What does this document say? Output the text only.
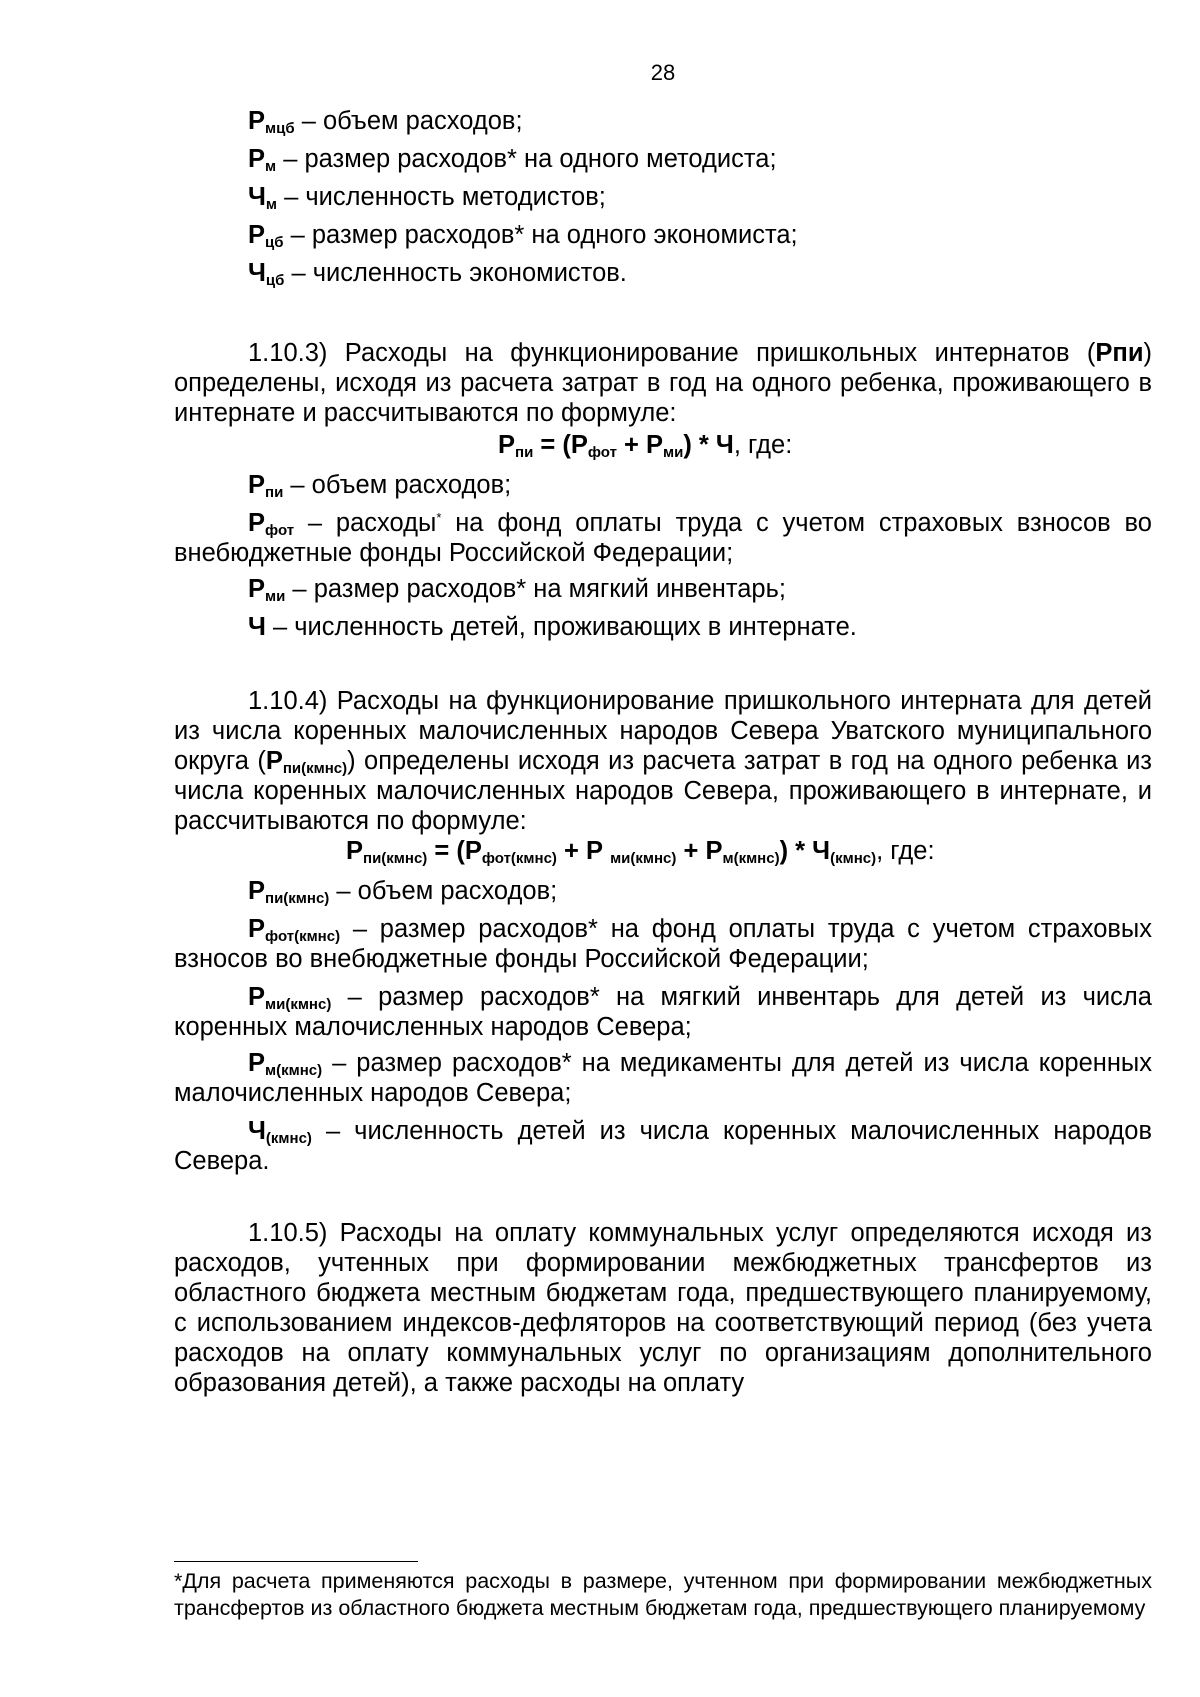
28
$Р_{мцб}$ – объем расходов;
$Р_м$ – размер расходов* на одного методиста;
$Ч_м$ – численность методистов;
$Р_{цб}$ – размер расходов* на одного экономиста;
$Ч_{цб}$ – численность экономистов.
1.10.3) Расходы на функционирование пришкольных интернатов (Рпи) определены, исходя из расчета затрат в год на одного ребенка, проживающего в интернате и рассчитываются по формуле:
$Р_{пи} = (Р_{фот} + Р_{ми}) * Ч$, где:
$Р_{пи}$ – объем расходов;
$Р_{фот}$ – расходы* на фонд оплаты труда с учетом страховых взносов во внебюджетные фонды Российской Федерации;
$Р_{ми}$ – размер расходов* на мягкий инвентарь;
Ч – численность детей, проживающих в интернате.
1.10.4) Расходы на функционирование пришкольного интерната для детей из числа коренных малочисленных народов Севера Уватского муниципального округа $(Р_{пи(кмнс)})$ определены исходя из расчета затрат в год на одного ребенка из числа коренных малочисленных народов Севера, проживающего в интернате, и рассчитываются по формуле:
$Р_{пи(кмнс)} = (Р_{фот(кмнс)} + Р$ $_{ми(кмнс)} + Р_{м(кмнс)}) * Ч_{(кмнс)}$, где:
$Р_{пи(кмнс)}$ – объем расходов;
$Р_{фот(кмнс)}$ – размер расходов* на фонд оплаты труда с учетом страховых взносов во внебюджетные фонды Российской Федерации;
$Р_{ми(кмнс)}$ – размер расходов* на мягкий инвентарь для детей из числа коренных малочисленных народов Севера;
$Р_{м(кмнс)}$ – размер расходов* на медикаменты для детей из числа коренных малочисленных народов Севера;
$Ч_{(кмнс)}$ – численность детей из числа коренных малочисленных народов Севера.
1.10.5) Расходы на оплату коммунальных услуг определяются исходя из расходов, учтенных при формировании межбюджетных трансфертов из областного бюджета местным бюджетам года, предшествующего планируемому, с использованием индексов-дефляторов на соответствующий период (без учета расходов на оплату коммунальных услуг по организациям дополнительного образования детей), а также расходы на оплату
*Для расчета применяются расходы в размере, учтенном при формировании межбюджетных трансфертов из областного бюджета местным бюджетам года, предшествующего планируемому
